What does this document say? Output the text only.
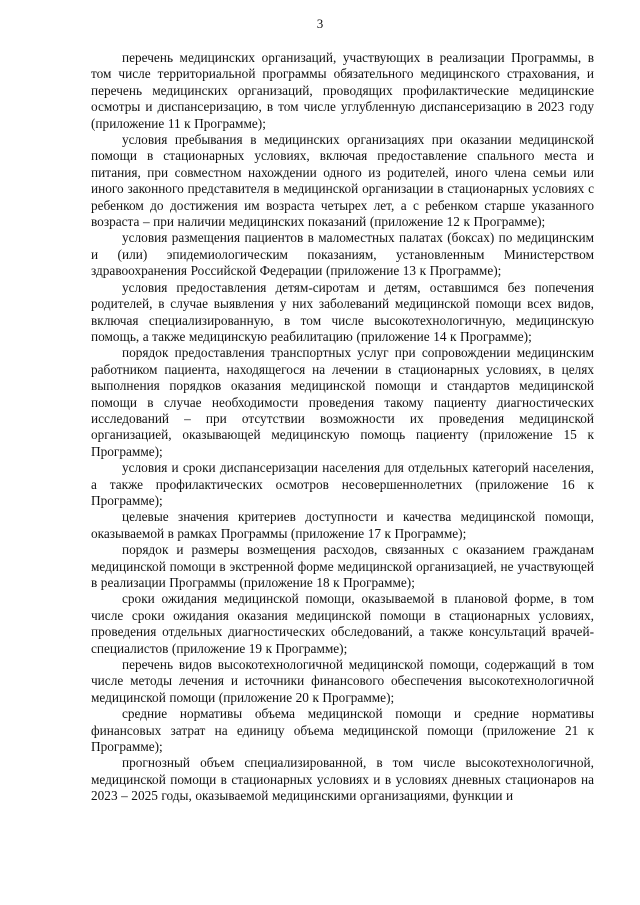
3

перечень медицинских организаций, участвующих в реализации Программы, в том числе территориальной программы обязательного медицинского страхования, и перечень медицинских организаций, проводящих профилактические медицинские осмотры и диспансеризацию, в том числе углубленную диспансеризацию в 2023 году (приложение 11 к Программе);

условия пребывания в медицинских организациях при оказании медицинской помощи в стационарных условиях, включая предоставление спального места и питания, при совместном нахождении одного из родителей, иного члена семьи или иного законного представителя в медицинской организации в стационарных условиях с ребенком до достижения им возраста четырех лет, а с ребенком старше указанного возраста – при наличии медицинских показаний (приложение 12 к Программе);

условия размещения пациентов в маломестных палатах (боксах) по медицинским и (или) эпидемиологическим показаниям, установленным Министерством здравоохранения Российской Федерации (приложение 13 к Программе);

условия предоставления детям-сиротам и детям, оставшимся без попечения родителей, в случае выявления у них заболеваний медицинской помощи всех видов, включая специализированную, в том числе высокотехнологичную, медицинскую помощь, а также медицинскую реабилитацию (приложение 14 к Программе);

порядок предоставления транспортных услуг при сопровождении медицинским работником пациента, находящегося на лечении в стационарных условиях, в целях выполнения порядков оказания медицинской помощи и стандартов медицинской помощи в случае необходимости проведения такому пациенту диагностических исследований – при отсутствии возможности их проведения медицинской организацией, оказывающей медицинскую помощь пациенту (приложение 15 к Программе);

условия и сроки диспансеризации населения для отдельных категорий населения, а также профилактических осмотров несовершеннолетних (приложение 16 к Программе);

целевые значения критериев доступности и качества медицинской помощи, оказываемой в рамках Программы (приложение 17 к Программе);

порядок и размеры возмещения расходов, связанных с оказанием гражданам медицинской помощи в экстренной форме медицинской организацией, не участвующей в реализации Программы (приложение 18 к Программе);

сроки ожидания медицинской помощи, оказываемой в плановой форме, в том числе сроки ожидания оказания медицинской помощи в стационарных условиях, проведения отдельных диагностических обследований, а также консультаций врачей-специалистов (приложение 19 к Программе);

перечень видов высокотехнологичной медицинской помощи, содержащий в том числе методы лечения и источники финансового обеспечения высокотехнологичной медицинской помощи (приложение 20 к Программе);

средние нормативы объема медицинской помощи и средние нормативы финансовых затрат на единицу объема медицинской помощи (приложение 21 к Программе);

прогнозный объем специализированной, в том числе высокотехнологичной, медицинской помощи в стационарных условиях и в условиях дневных стационаров на 2023 – 2025 годы, оказываемой медицинскими организациями, функции и
